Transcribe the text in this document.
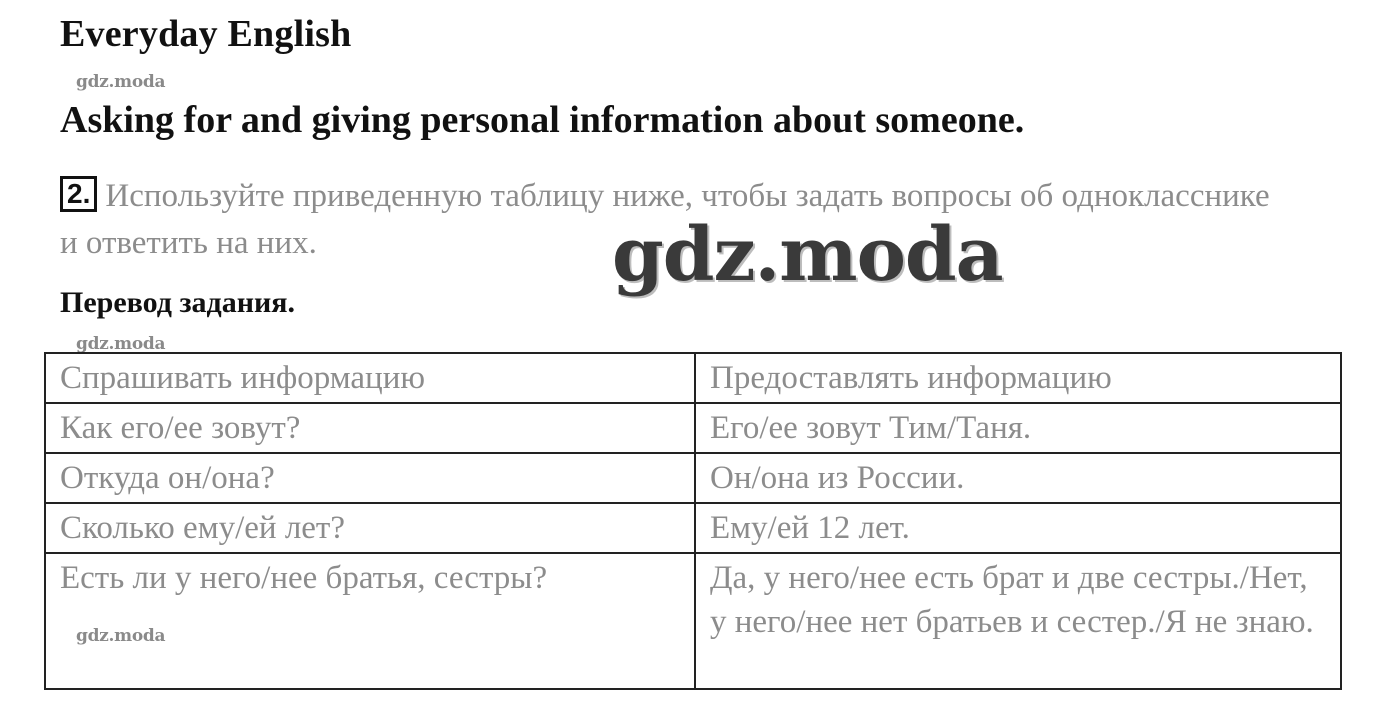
Everyday English
gdz.moda
Asking for and giving personal information about someone.
2. Используйте приведенную таблицу ниже, чтобы задать вопросы об однокласснике и ответить на них.	gdz.moda
Перевод задания.
gdz.moda
Спрашивать информацию	Предоставлять информацию
Как его/ее зовут?	Его/ее зовут Тим/Таня.
Откуда он/она?	Он/она из России.
Сколько ему/ей лет?	Ему/ей 12 лет.
Есть ли у него/нее братья, сестры?	Да, у него/нее есть брат и две сестры./Нет, у него/нее нет братьев и сестер./Я не знаю.
gdz.moda
